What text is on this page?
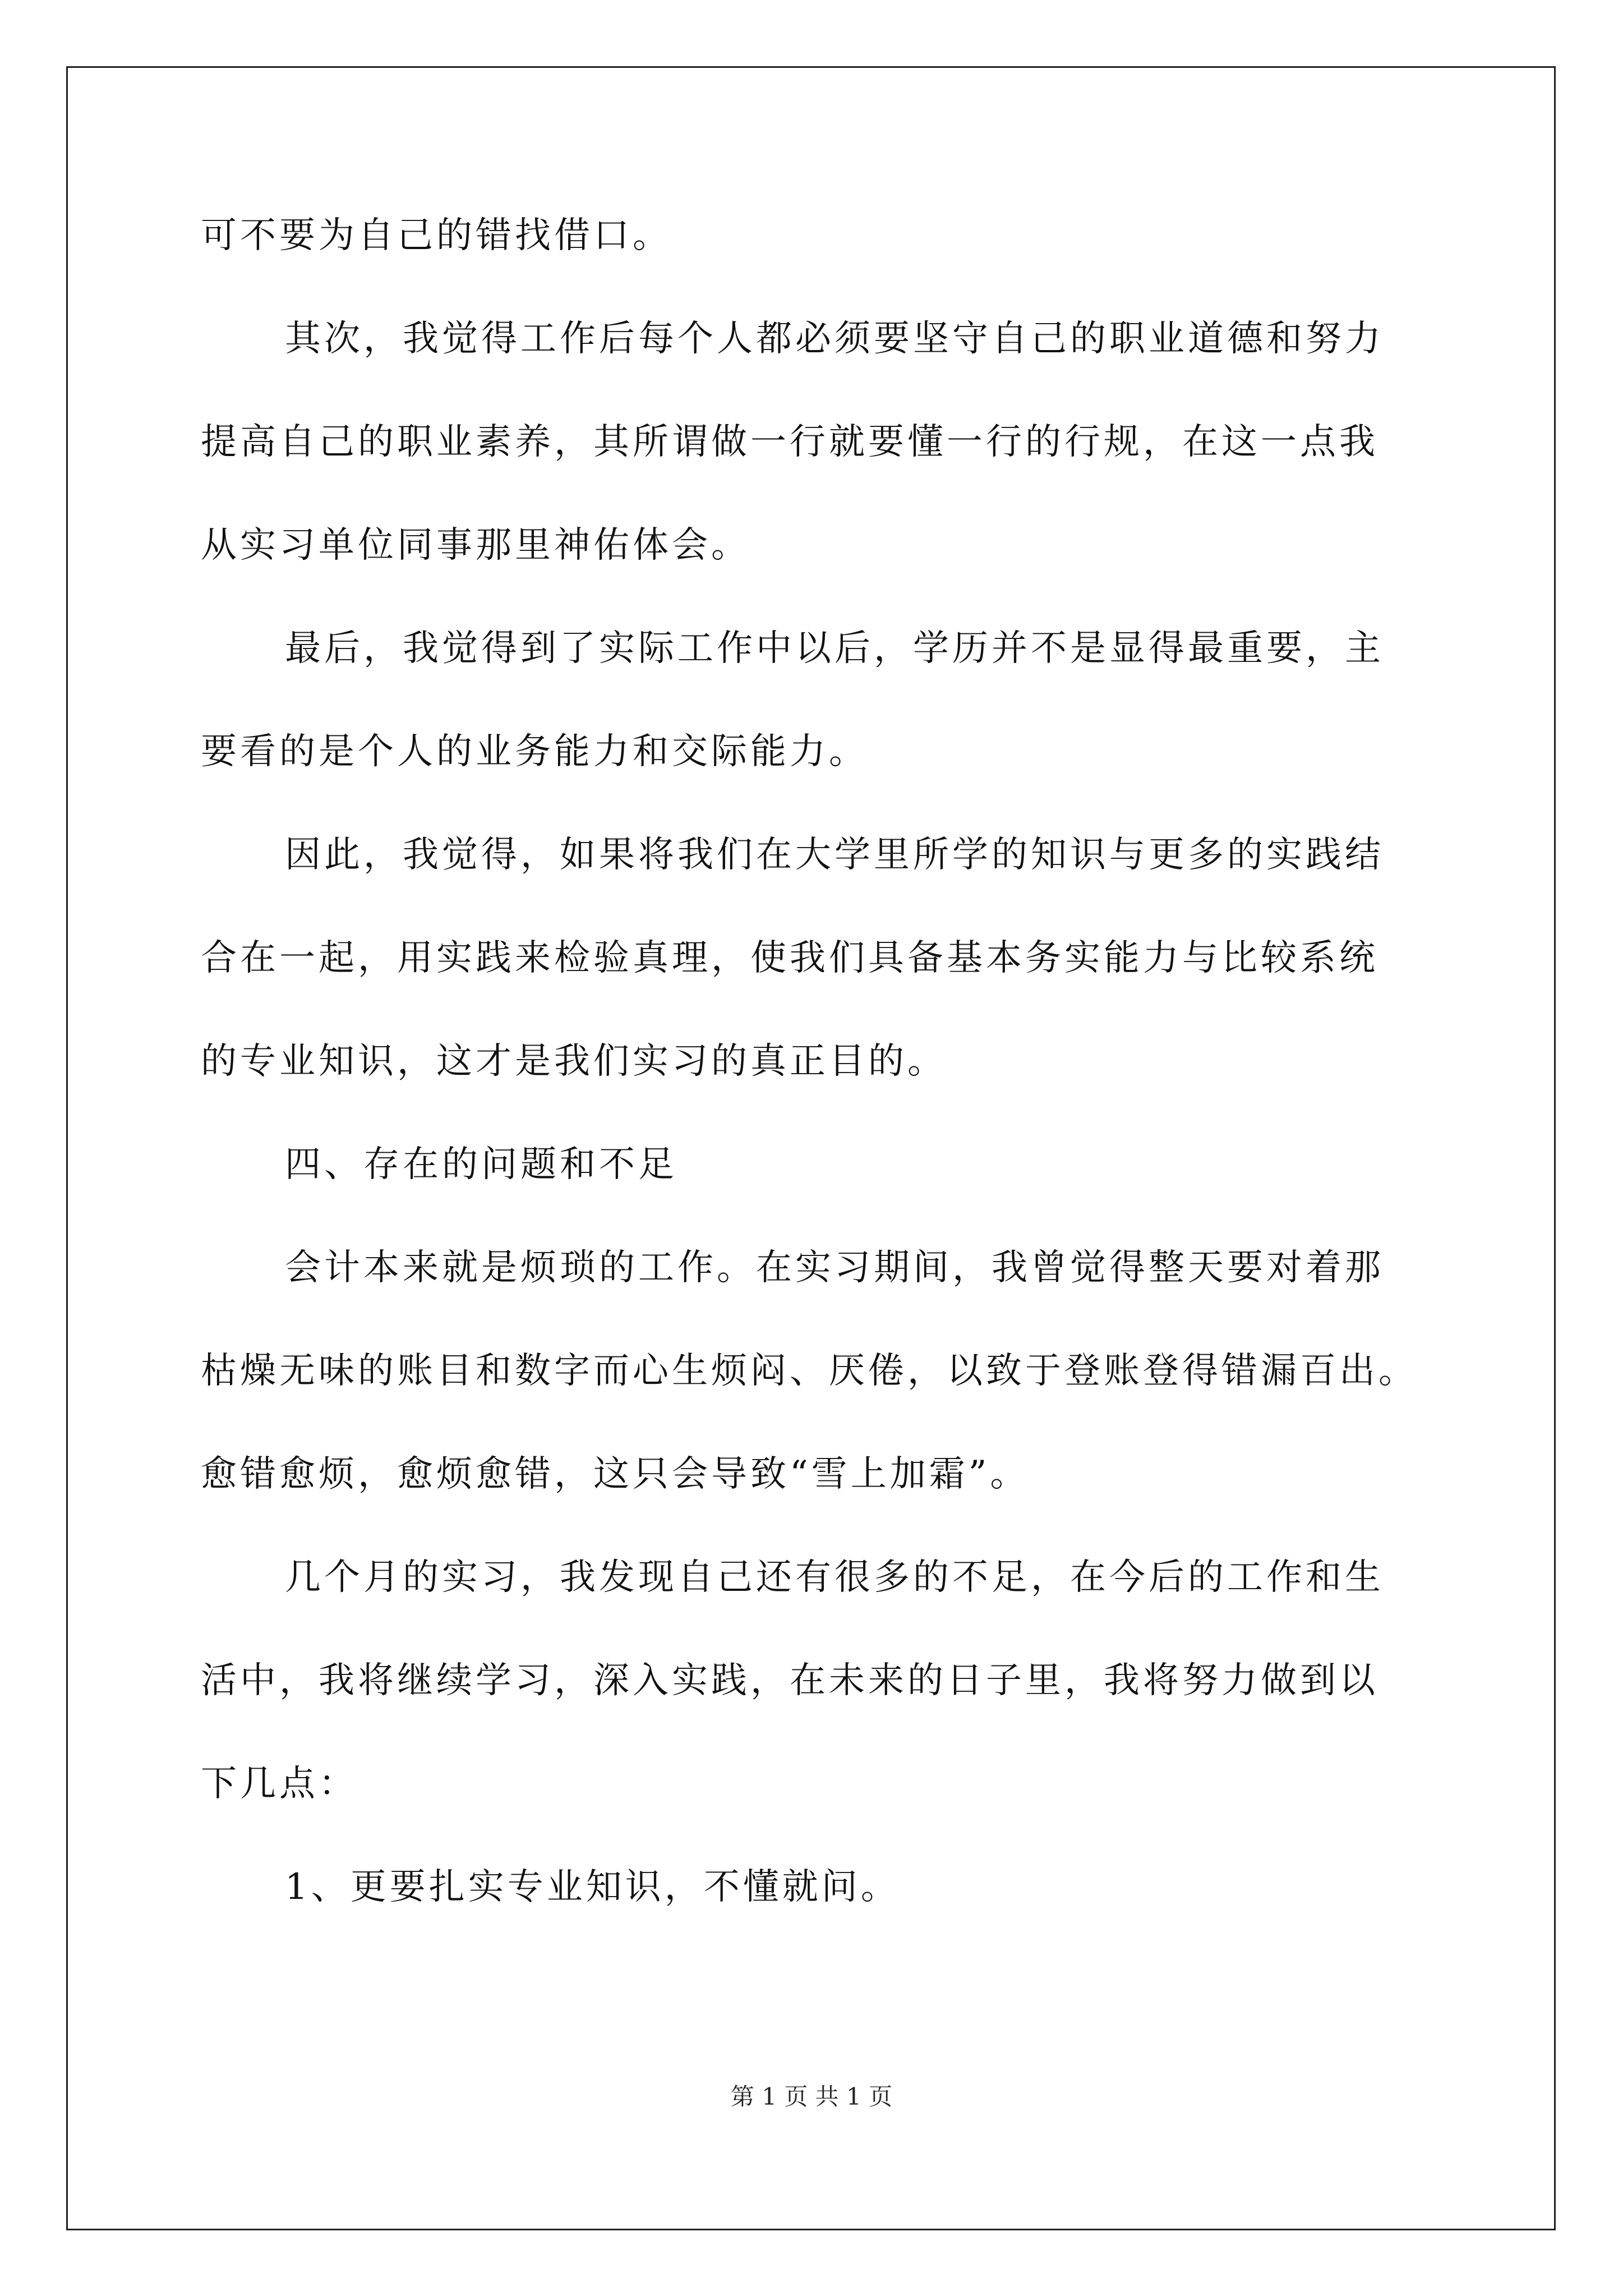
可不要为自己的错找借口。
其次，我觉得工作后每个人都必须要坚守自己的职业道德和努力
提高自己的职业素养，其所谓做一行就要懂一行的行规，在这一点我
从实习单位同事那里神佑体会。
最后，我觉得到了实际工作中以后，学历并不是显得最重要，主
要看的是个人的业务能力和交际能力。
因此，我觉得，如果将我们在大学里所学的知识与更多的实践结
合在一起，用实践来检验真理，使我们具备基本务实能力与比较系统
的专业知识，这才是我们实习的真正目的。
四、存在的问题和不足
会计本来就是烦琐的工作。在实习期间，我曾觉得整天要对着那
枯燥无味的账目和数字而心生烦闷、厌倦，以致于登账登得错漏百出。
愈错愈烦，愈烦愈错，这只会导致“雪上加霜”。
几个月的实习，我发现自己还有很多的不足，在今后的工作和生
活中，我将继续学习，深入实践，在未来的日子里，我将努力做到以
下几点：
1、更要扎实专业知识，不懂就问。
第 1 页 共 1 页
